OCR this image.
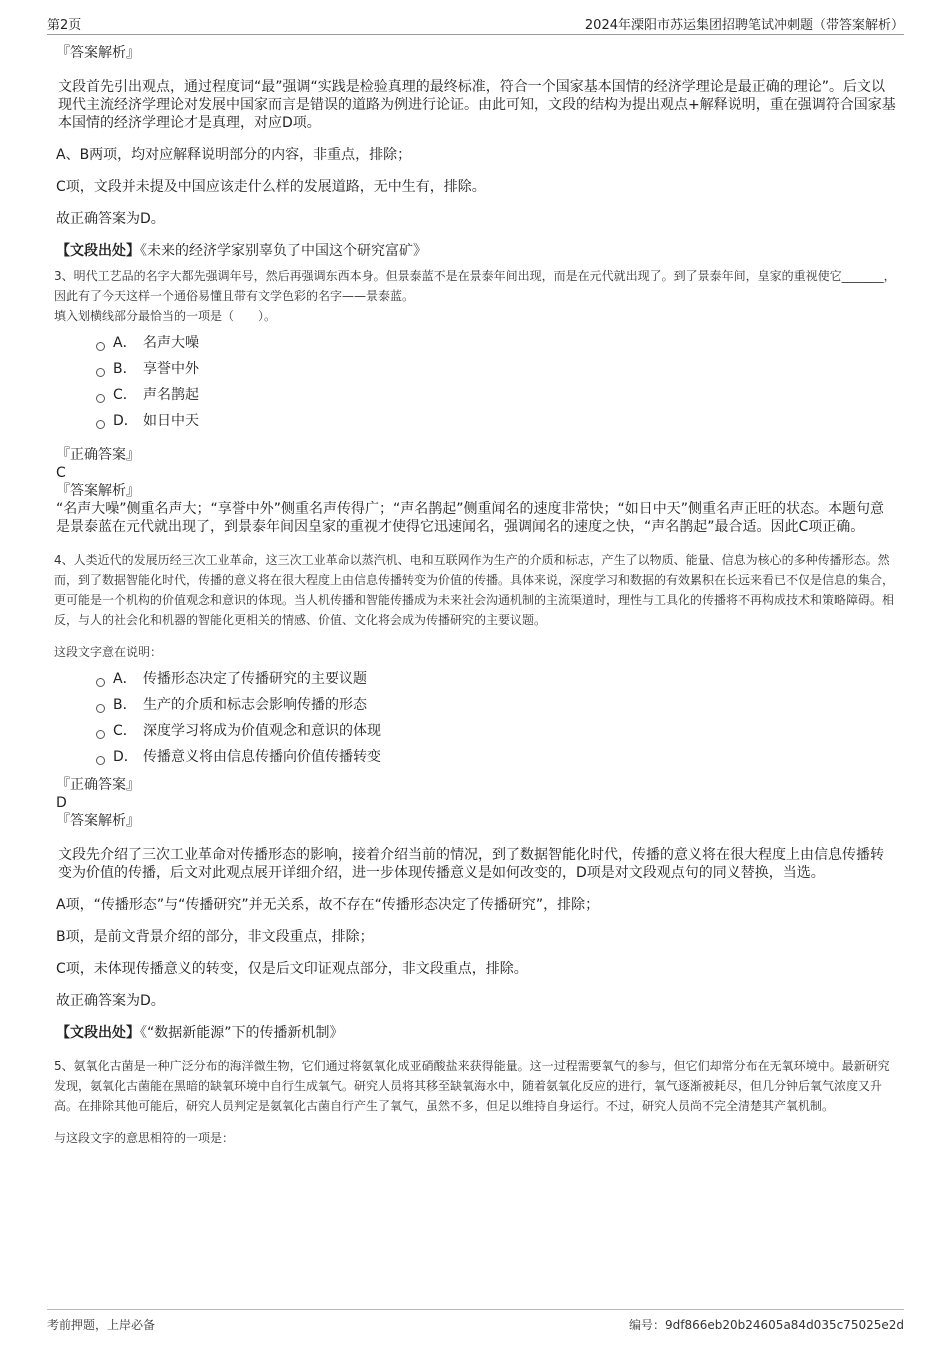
第2页	2024年溧阳市苏运集团招聘笔试冲刺题（带答案解析）

『答案解析』

文段首先引出观点，通过程度词“最”强调“实践是检验真理的最终标准，符合一个国家基本国情的经济学理论是最正确的理论”。后文以现代主流经济学理论对发展中国家而言是错误的道路为例进行论证。由此可知，文段的结构为提出观点+解释说明，重在强调符合国家基本国情的经济学理论才是真理，对应D项。

A、B两项，均对应解释说明部分的内容，非重点，排除；

C项，文段并未提及中国应该走什么样的发展道路，无中生有，排除。

故正确答案为D。

【文段出处】《未来的经济学家别辜负了中国这个研究富矿》

3、明代工艺品的名字大都先强调年号，然后再强调东西本身。但景泰蓝不是在景泰年间出现，而是在元代就出现了。到了景泰年间，皇家的重视使它_______，因此有了今天这样一个通俗易懂且带有文学色彩的名字——景泰蓝。

填入划横线部分最恰当的一项是（　　）。

A． 名声大噪
B． 享誉中外
C． 声名鹊起
D． 如日中天

『正确答案』

C

『答案解析』

“名声大噪”侧重名声大；“享誉中外”侧重名声传得广；“声名鹊起”侧重闻名的速度非常快；“如日中天”侧重名声正旺的状态。本题句意是景泰蓝在元代就出现了，到景泰年间因皇家的重视才使得它迅速闻名，强调闻名的速度之快，“声名鹊起”最合适。因此C项正确。

4、人类近代的发展历经三次工业革命，这三次工业革命以蒸汽机、电和互联网作为生产的介质和标志，产生了以物质、能量、信息为核心的多种传播形态。然而，到了数据智能化时代，传播的意义将在很大程度上由信息传播转变为价值的传播。具体来说，深度学习和数据的有效累积在长远来看已不仅是信息的集合，更可能是一个机构的价值观念和意识的体现。当人机传播和智能传播成为未来社会沟通机制的主流渠道时，理性与工具化的传播将不再构成技术和策略障碍。相反，与人的社会化和机器的智能化更相关的情感、价值、文化将会成为传播研究的主要议题。

这段文字意在说明：

A． 传播形态决定了传播研究的主要议题
B． 生产的介质和标志会影响传播的形态
C． 深度学习将成为价值观念和意识的体现
D． 传播意义将由信息传播向价值传播转变

『正确答案』

D

『答案解析』

文段先介绍了三次工业革命对传播形态的影响，接着介绍当前的情况，到了数据智能化时代，传播的意义将在很大程度上由信息传播转变为价值的传播，后文对此观点展开详细介绍，进一步体现传播意义是如何改变的，D项是对文段观点句的同义替换，当选。

A项，“传播形态”与“传播研究”并无关系，故不存在“传播形态决定了传播研究”，排除；

B项，是前文背景介绍的部分，非文段重点，排除；

C项，未体现传播意义的转变，仅是后文印证观点部分，非文段重点，排除。

故正确答案为D。

【文段出处】《“数据新能源”下的传播新机制》

5、氨氧化古菌是一种广泛分布的海洋微生物，它们通过将氨氧化成亚硝酸盐来获得能量。这一过程需要氧气的参与，但它们却常分布在无氧环境中。最新研究发现，氨氧化古菌能在黑暗的缺氧环境中自行生成氧气。研究人员将其移至缺氧海水中，随着氨氧化反应的进行，氧气逐渐被耗尽，但几分钟后氧气浓度又升高。在排除其他可能后，研究人员判定是氨氧化古菌自行产生了氧气，虽然不多，但足以维持自身运行。不过，研究人员尚不完全清楚其产氧机制。

与这段文字的意思相符的一项是：

考前押题，上岸必备	编号：9df866eb20b24605a84d035c75025e2d
